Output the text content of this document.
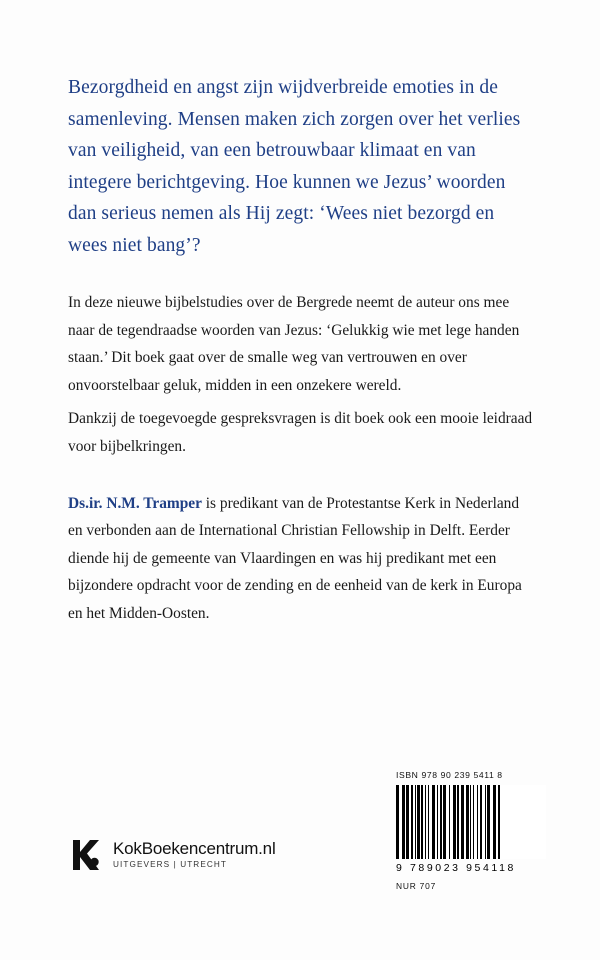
Bezorgdheid en angst zijn wijdverbreide emoties in de samenleving. Mensen maken zich zorgen over het verlies van veiligheid, van een betrouwbaar klimaat en van integere berichtgeving. Hoe kunnen we Jezus’ woorden dan serieus nemen als Hij zegt: ‘Wees niet bezorgd en wees niet bang’?

In deze nieuwe bijbelstudies over de Bergrede neemt de auteur ons mee naar de tegendraadse woorden van Jezus: ‘Gelukkig wie met lege handen staan.’ Dit boek gaat over de smalle weg van vertrouwen en over onvoorstelbaar geluk, midden in een onzekere wereld.

Dankzij de toegevoegde gespreksvragen is dit boek ook een mooie leidraad voor bijbelkringen.

Ds.ir. N.M. Tramper is predikant van de Protestantse Kerk in Nederland en verbonden aan de International Christian Fellowship in Delft. Eerder diende hij de gemeente van Vlaardingen en was hij predikant met een bijzondere opdracht voor de zending en de eenheid van de kerk in Europa en het Midden-Oosten.

KokBoekencentrum.nl
UITGEVERS | UTRECHT
ISBN 978 90 239 5411 8
9 789023 954118
NUR 707
